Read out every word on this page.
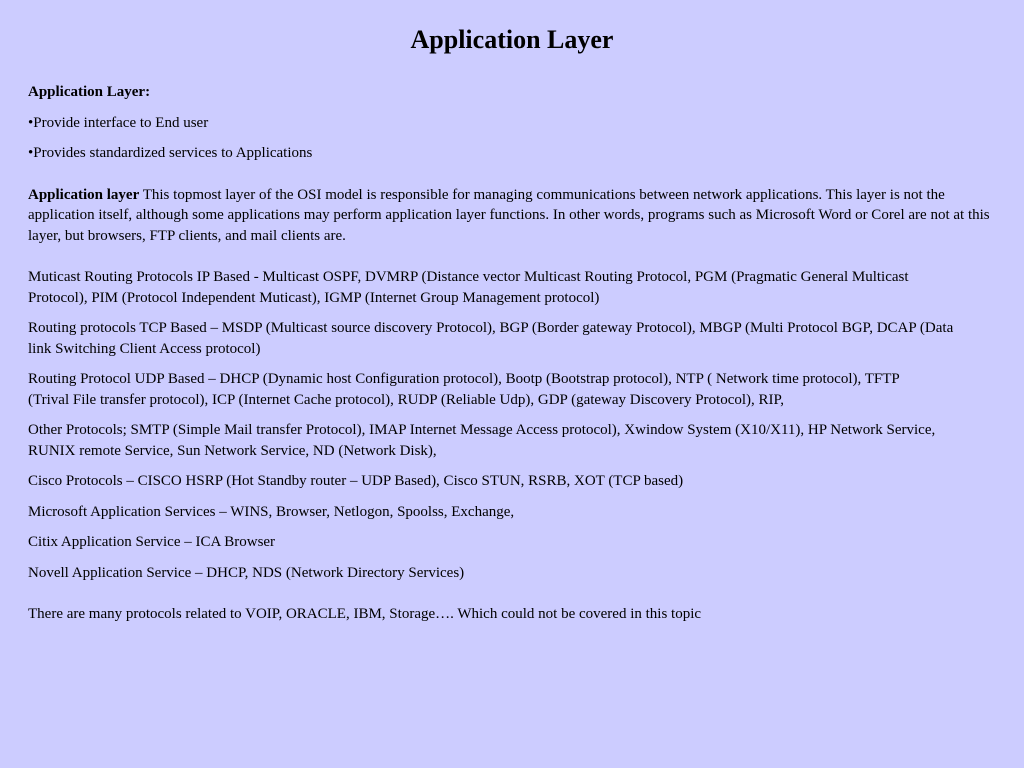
Application Layer

Application Layer:

•Provide interface to End user

•Provides standardized services to Applications

Application layer This topmost layer of the OSI model is responsible for managing communications between network applications. This layer is not the application itself, although some applications may perform application layer functions. In other words, programs such as Microsoft Word or Corel are not at this layer, but browsers, FTP clients, and mail clients are.

Muticast Routing Protocols IP Based - Multicast OSPF, DVMRP (Distance vector Multicast Routing Protocol, PGM (Pragmatic General Multicast Protocol), PIM (Protocol Independent Muticast), IGMP (Internet Group Management protocol)

Routing protocols TCP Based – MSDP (Multicast source discovery Protocol), BGP (Border gateway Protocol), MBGP (Multi Protocol BGP, DCAP (Data link Switching Client Access protocol)

Routing Protocol UDP Based – DHCP (Dynamic host Configuration protocol), Bootp (Bootstrap protocol), NTP ( Network time protocol), TFTP (Trival File transfer protocol), ICP (Internet Cache protocol), RUDP (Reliable Udp), GDP (gateway Discovery Protocol), RIP,

Other Protocols; SMTP (Simple Mail transfer Protocol), IMAP Internet Message Access protocol), Xwindow System (X10/X11), HP Network Service, RUNIX remote Service, Sun Network Service, ND (Network Disk),

Cisco Protocols – CISCO HSRP (Hot Standby router – UDP Based), Cisco STUN, RSRB, XOT (TCP based)

Microsoft Application Services – WINS, Browser, Netlogon, Spoolss, Exchange,

Citix Application Service – ICA Browser

Novell Application Service – DHCP, NDS (Network Directory Services)

There are many protocols related to VOIP, ORACLE, IBM, Storage…. Which could not be covered in this topic
